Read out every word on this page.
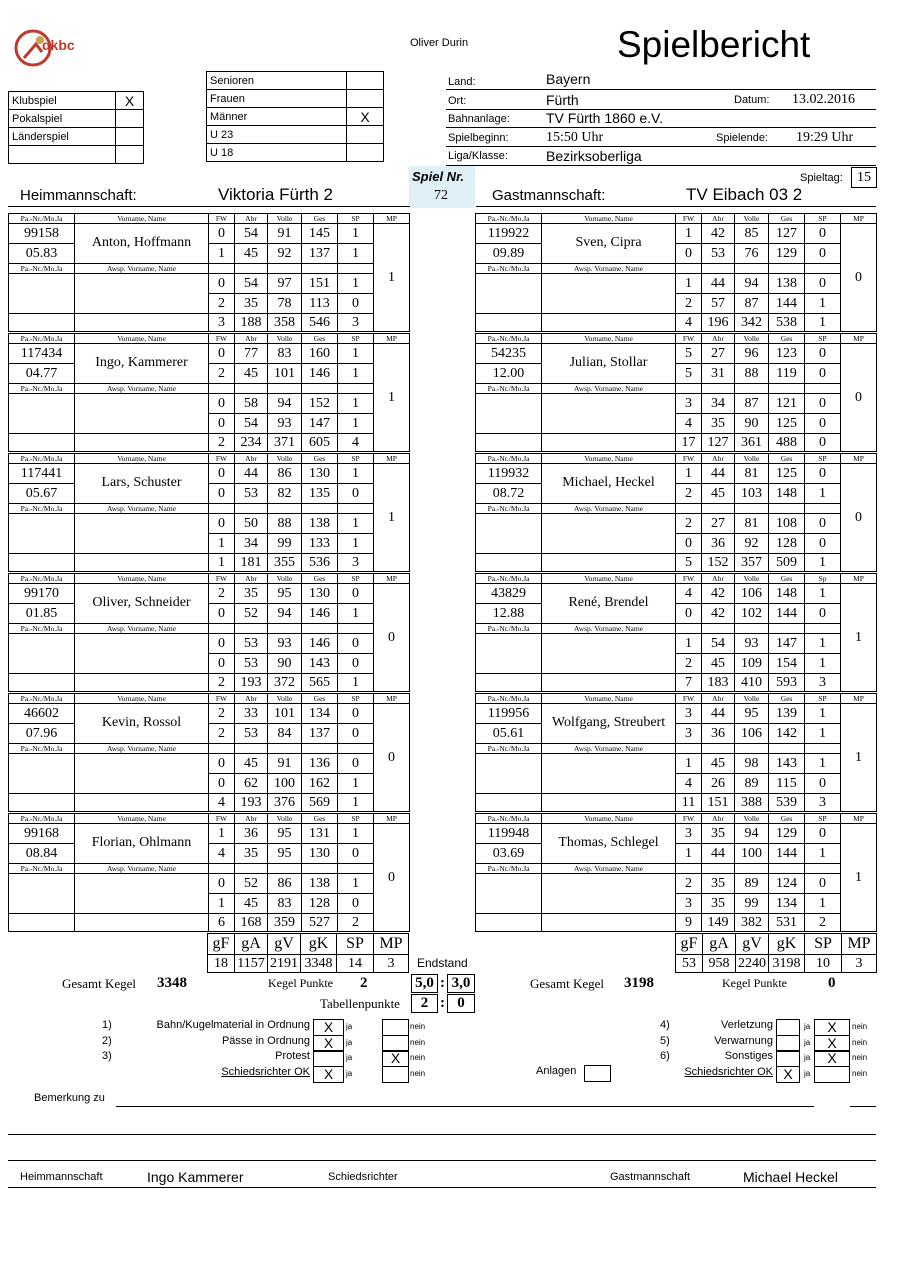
dkbc	Oliver Durin	Spielbericht
Klubspiel	X
Pokalspiel	
Länderspiel	

Senioren	
Frauen	
Männer	X
U 23	
U 18	
Land:	Bayern
Ort:	Fürth	Datum: 13.02.2016
Bahnanlage:	TV Fürth 1860 e.V.
Spielbeginn:	15:50 Uhr	Spielende: 19:29 Uhr
Liga/Klasse:	Bezirksoberliga
Spiel Nr.
72
Spieltag:	15
Heimmannschaft:	Viktoria Fürth 2	Gastmannschaft:	TV Eibach 03 2
Pa.-Nr./Mo.Ja	Vorname, Name	FW	Abr	Volle	Ges	SP	MP	
99158	Anton, Hoffmann	0	54	91	145	1	1	
05.83		1	45	92	137	1		
Pa.-Nr./Mo.Ja	Awsp. Vorname, Name							
		0	54	97	151	1		
		2	35	78	113	0		
		3	188	358	546	3		
Pa.-Nr./Mo.Ja	Vorname, Name	FW	Abr	Volle	Ges	SP	MP	
117434	Ingo, Kammerer	0	77	83	160	1	1	
04.77		2	45	101	146	1		
Pa.-Nr./Mo.Ja	Awsp. Vorname, Name							
		0	58	94	152	1		
		0	54	93	147	1		
		2	234	371	605	4		
Pa.-Nr./Mo.Ja	Vorname, Name	FW	Abr	Volle	Ges	SP	MP	
117441	Lars, Schuster	0	44	86	130	1	1	
05.67		0	53	82	135	0		
Pa.-Nr./Mo.Ja	Awsp. Vorname, Name							
		0	50	88	138	1		
		1	34	99	133	1		
		1	181	355	536	3		
Pa.-Nr./Mo.Ja	Vorname, Name	FW	Abr	Volle	Ges	SP	MP	
99170	Oliver, Schneider	2	35	95	130	0	0	
01.85		0	52	94	146	1		
Pa.-Nr./Mo.Ja	Awsp. Vorname, Name							
		0	53	93	146	0		
		0	53	90	143	0		
		2	193	372	565	1		
Pa.-Nr./Mo.Ja	Vorname, Name	FW	Abr	Volle	Ges	SP	MP	
46602	Kevin, Rossol	2	33	101	134	0	0	
07.96		2	53	84	137	0		
Pa.-Nr./Mo.Ja	Awsp. Vorname, Name							
		0	45	91	136	0		
		0	62	100	162	1		
		4	193	376	569	1		
Pa.-Nr./Mo.Ja	Vorname, Name	FW	Abr	Volle	Ges	SP	MP	
99168	Florian, Ohlmann	1	36	95	131	1	0	
08.84		4	35	95	130	0		
Pa.-Nr./Mo.Ja	Awsp. Vorname, Name							
		0	52	86	138	1		
		1	45	83	128	0		
		6	168	359	527	2		
Pa.-Nr./Mo.Ja	Vorname, Name	FW	Abr	Volle	Ges	SP	MP	
119922	Sven, Cipra	1	42	85	127	0	0	
09.89		0	53	76	129	0		
Pa.-Nr./Mo.Ja	Awsp. Vorname, Name							
		1	44	94	138	0		
		2	57	87	144	1		
		4	196	342	538	1		
Pa.-Nr./Mo.Ja	Vorname, Name	FW	Abr	Volle	Ges	SP	MP	
54235	Julian, Stollar	5	27	96	123	0	0	
12.00		5	31	88	119	0		
Pa.-Nr./Mo.Ja	Awsp. Vorname, Name							
		3	34	87	121	0		
		4	35	90	125	0		
		17	127	361	488	0		
Pa.-Nr./Mo.Ja	Vorname, Name	FW	Abr	Volle	Ges	SP	MP	
119932	Michael, Heckel	1	44	81	125	0	0	
08.72		2	45	103	148	1		
Pa.-Nr./Mo.Ja	Awsp. Vorname, Name							
		2	27	81	108	0		
		0	36	92	128	0		
		5	152	357	509	1		
Pa.-Nr./Mo.Ja	Vorname, Name	FW	Abr	Volle	Ges	Sp	MP	
43829	René, Brendel	4	42	106	148	1	1	
12.88		0	42	102	144	0		
Pa.-Nr./Mo.Ja	Awsp. Vorname, Name							
		1	54	93	147	1		
		2	45	109	154	1		
		7	183	410	593	3		
Pa.-Nr./Mo.Ja	Vorname, Name	FW	Abr	Volle	Ges	SP	MP	
119956	Wolfgang, Streubert	3	44	95	139	1	1	
05.61		3	36	106	142	1		
Pa.-Nr./Mo.Ja	Awsp. Vorname, Name							
		1	45	98	143	1		
		4	26	89	115	0		
		11	151	388	539	3		
Pa.-Nr./Mo.Ja	Vorname, Name	FW	Abr	Volle	Ges	SP	MP	
119948	Thomas, Schlegel	3	35	94	129	0	1	
03.69		1	44	100	144	1		
Pa.-Nr./Mo.Ja	Awsp. Vorname, Name							
		2	35	89	124	0		
		3	35	99	134	1		
		9	149	382	531	2		
gF	gA	gV	gK	SP	MP
18	1157	2191	3348	14	3
gF	gA	gV	gK	SP	MP
53	958	2240	3198	10	3
Endstand
Gesamt Kegel 3348	Kegel Punkte 2	5,0 : 3,0
Tabellenpunkte	2 : 0
Gesamt Kegel 3198	Kegel Punkte	0
1)	Bahn/Kugelmaterial in Ordnung X	ja	nein
2)	Pässe in Ordnung X	ja	nein
3)	Protest	ja	X	nein
Schiedsrichter OK X	ja	nein
4)	Verletzung	ja	X	nein
5)	Verwarnung	ja	X	nein
6)	Sonstiges	ja	X	nein
Schiedsrichter OK X	ja	nein
Anlagen
Bemerkung zu
Heimmannschaft	Ingo Kammerer	Schiedsrichter	Gastmannschaft	Michael Heckel
